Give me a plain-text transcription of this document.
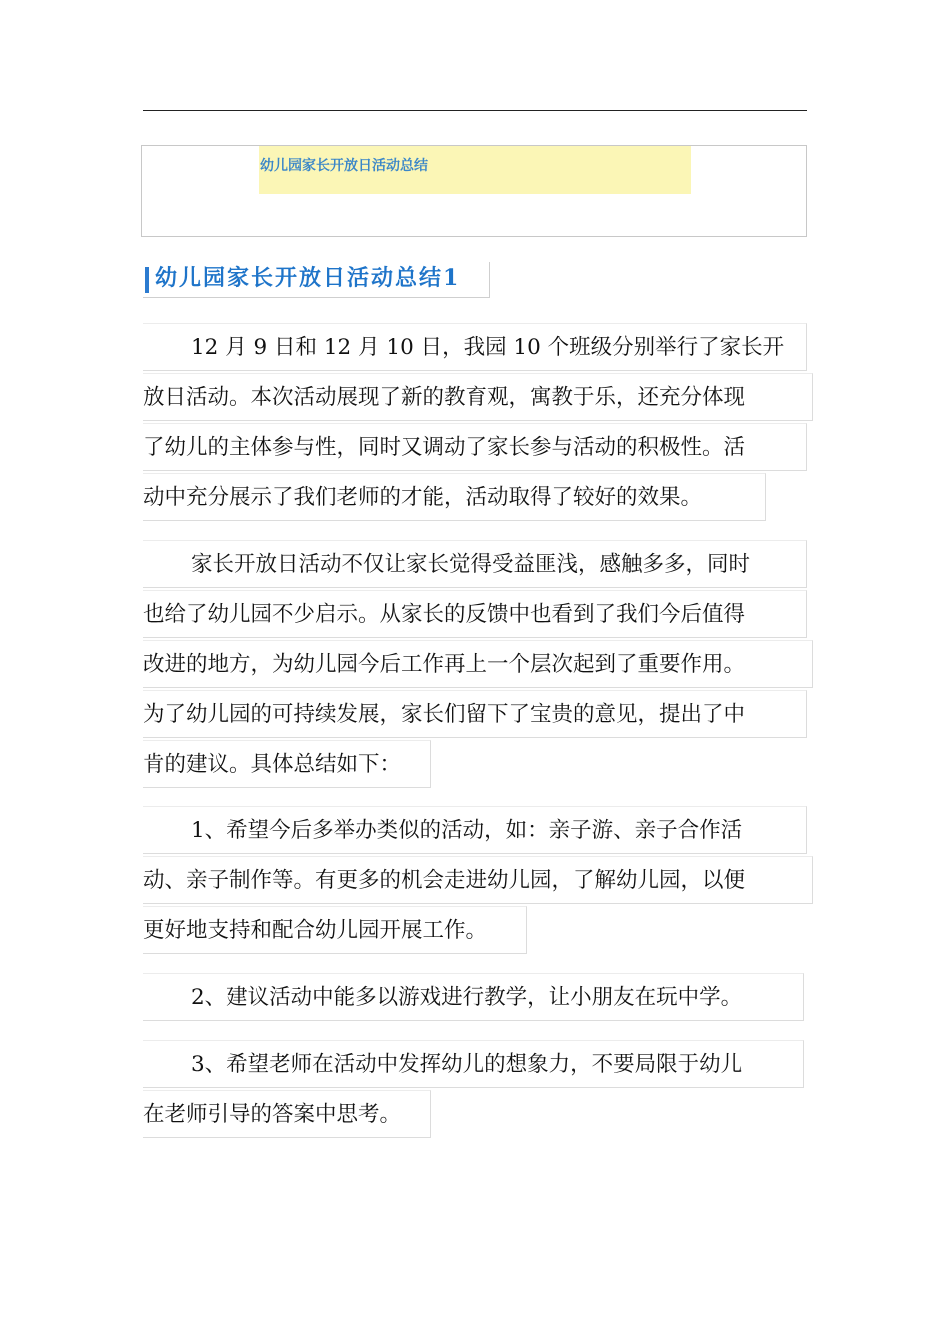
幼儿园家长开放日活动总结
幼儿园家长开放日活动总结1
12 月 9 日和 12 月 10 日，我园 10 个班级分别举行了家长开
放日活动。本次活动展现了新的教育观，寓教于乐，还充分体现
了幼儿的主体参与性，同时又调动了家长参与活动的积极性。活
动中充分展示了我们老师的才能，活动取得了较好的效果。
家长开放日活动不仅让家长觉得受益匪浅，感触多多，同时
也给了幼儿园不少启示。从家长的反馈中也看到了我们今后值得
改进的地方，为幼儿园今后工作再上一个层次起到了重要作用。
为了幼儿园的可持续发展，家长们留下了宝贵的意见，提出了中
肯的建议。具体总结如下：
1、希望今后多举办类似的活动，如：亲子游、亲子合作活
动、亲子制作等。有更多的机会走进幼儿园，了解幼儿园，以便
更好地支持和配合幼儿园开展工作。
2、建议活动中能多以游戏进行教学，让小朋友在玩中学。
3、希望老师在活动中发挥幼儿的想象力，不要局限于幼儿
在老师引导的答案中思考。
